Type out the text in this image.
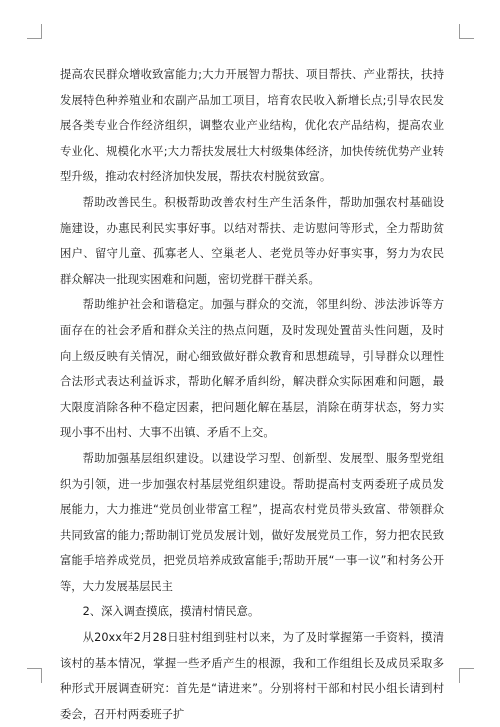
提高农民群众增收致富能力;大力开展智力帮扶、项目帮扶、产业帮扶，扶持发展特色种养殖业和农副产品加工项目，培育农民收入新增长点;引导农民发展各类专业合作经济组织，调整农业产业结构，优化农产品结构，提高农业专业化、规模化水平;大力帮扶发展壮大村级集体经济，加快传统优势产业转型升级，推动农村经济加快发展，帮扶农村脱贫致富。

帮助改善民生。积极帮助改善农村生产生活条件，帮助加强农村基础设施建设，办惠民利民实事好事。以结对帮扶、走访慰问等形式，全力帮助贫困户、留守儿童、孤寡老人、空巢老人、老党员等办好事实事，努力为农民群众解决一批现实困难和问题，密切党群干群关系。

帮助维护社会和谐稳定。加强与群众的交流，邻里纠纷、涉法涉诉等方面存在的社会矛盾和群众关注的热点问题，及时发现处置苗头性问题，及时向上级反映有关情况，耐心细致做好群众教育和思想疏导，引导群众以理性合法形式表达利益诉求，帮助化解矛盾纠纷，解决群众实际困难和问题，最大限度消除各种不稳定因素，把问题化解在基层，消除在萌芽状态，努力实现小事不出村、大事不出镇、矛盾不上交。

帮助加强基层组织建设。以建设学习型、创新型、发展型、服务型党组织为引领，进一步加强农村基层党组织建设。帮助提高村支两委班子成员发展能力，大力推进“党员创业带富工程”，提高农村党员带头致富、带领群众共同致富的能力;帮助制订党员发展计划，做好发展党员工作，努力把农民致富能手培养成党员，把党员培养成致富能手;帮助开展“一事一议”和村务公开等，大力发展基层民主

2、深入调查摸底，摸清村情民意。

从20xx年2月28日驻村组到驻村以来，为了及时掌握第一手资料，摸清该村的基本情况，掌握一些矛盾产生的根源，我和工作组组长及成员采取多种形式开展调查研究：首先是“请进来”。分别将村干部和村民小组长请到村委会，召开村两委班子扩
